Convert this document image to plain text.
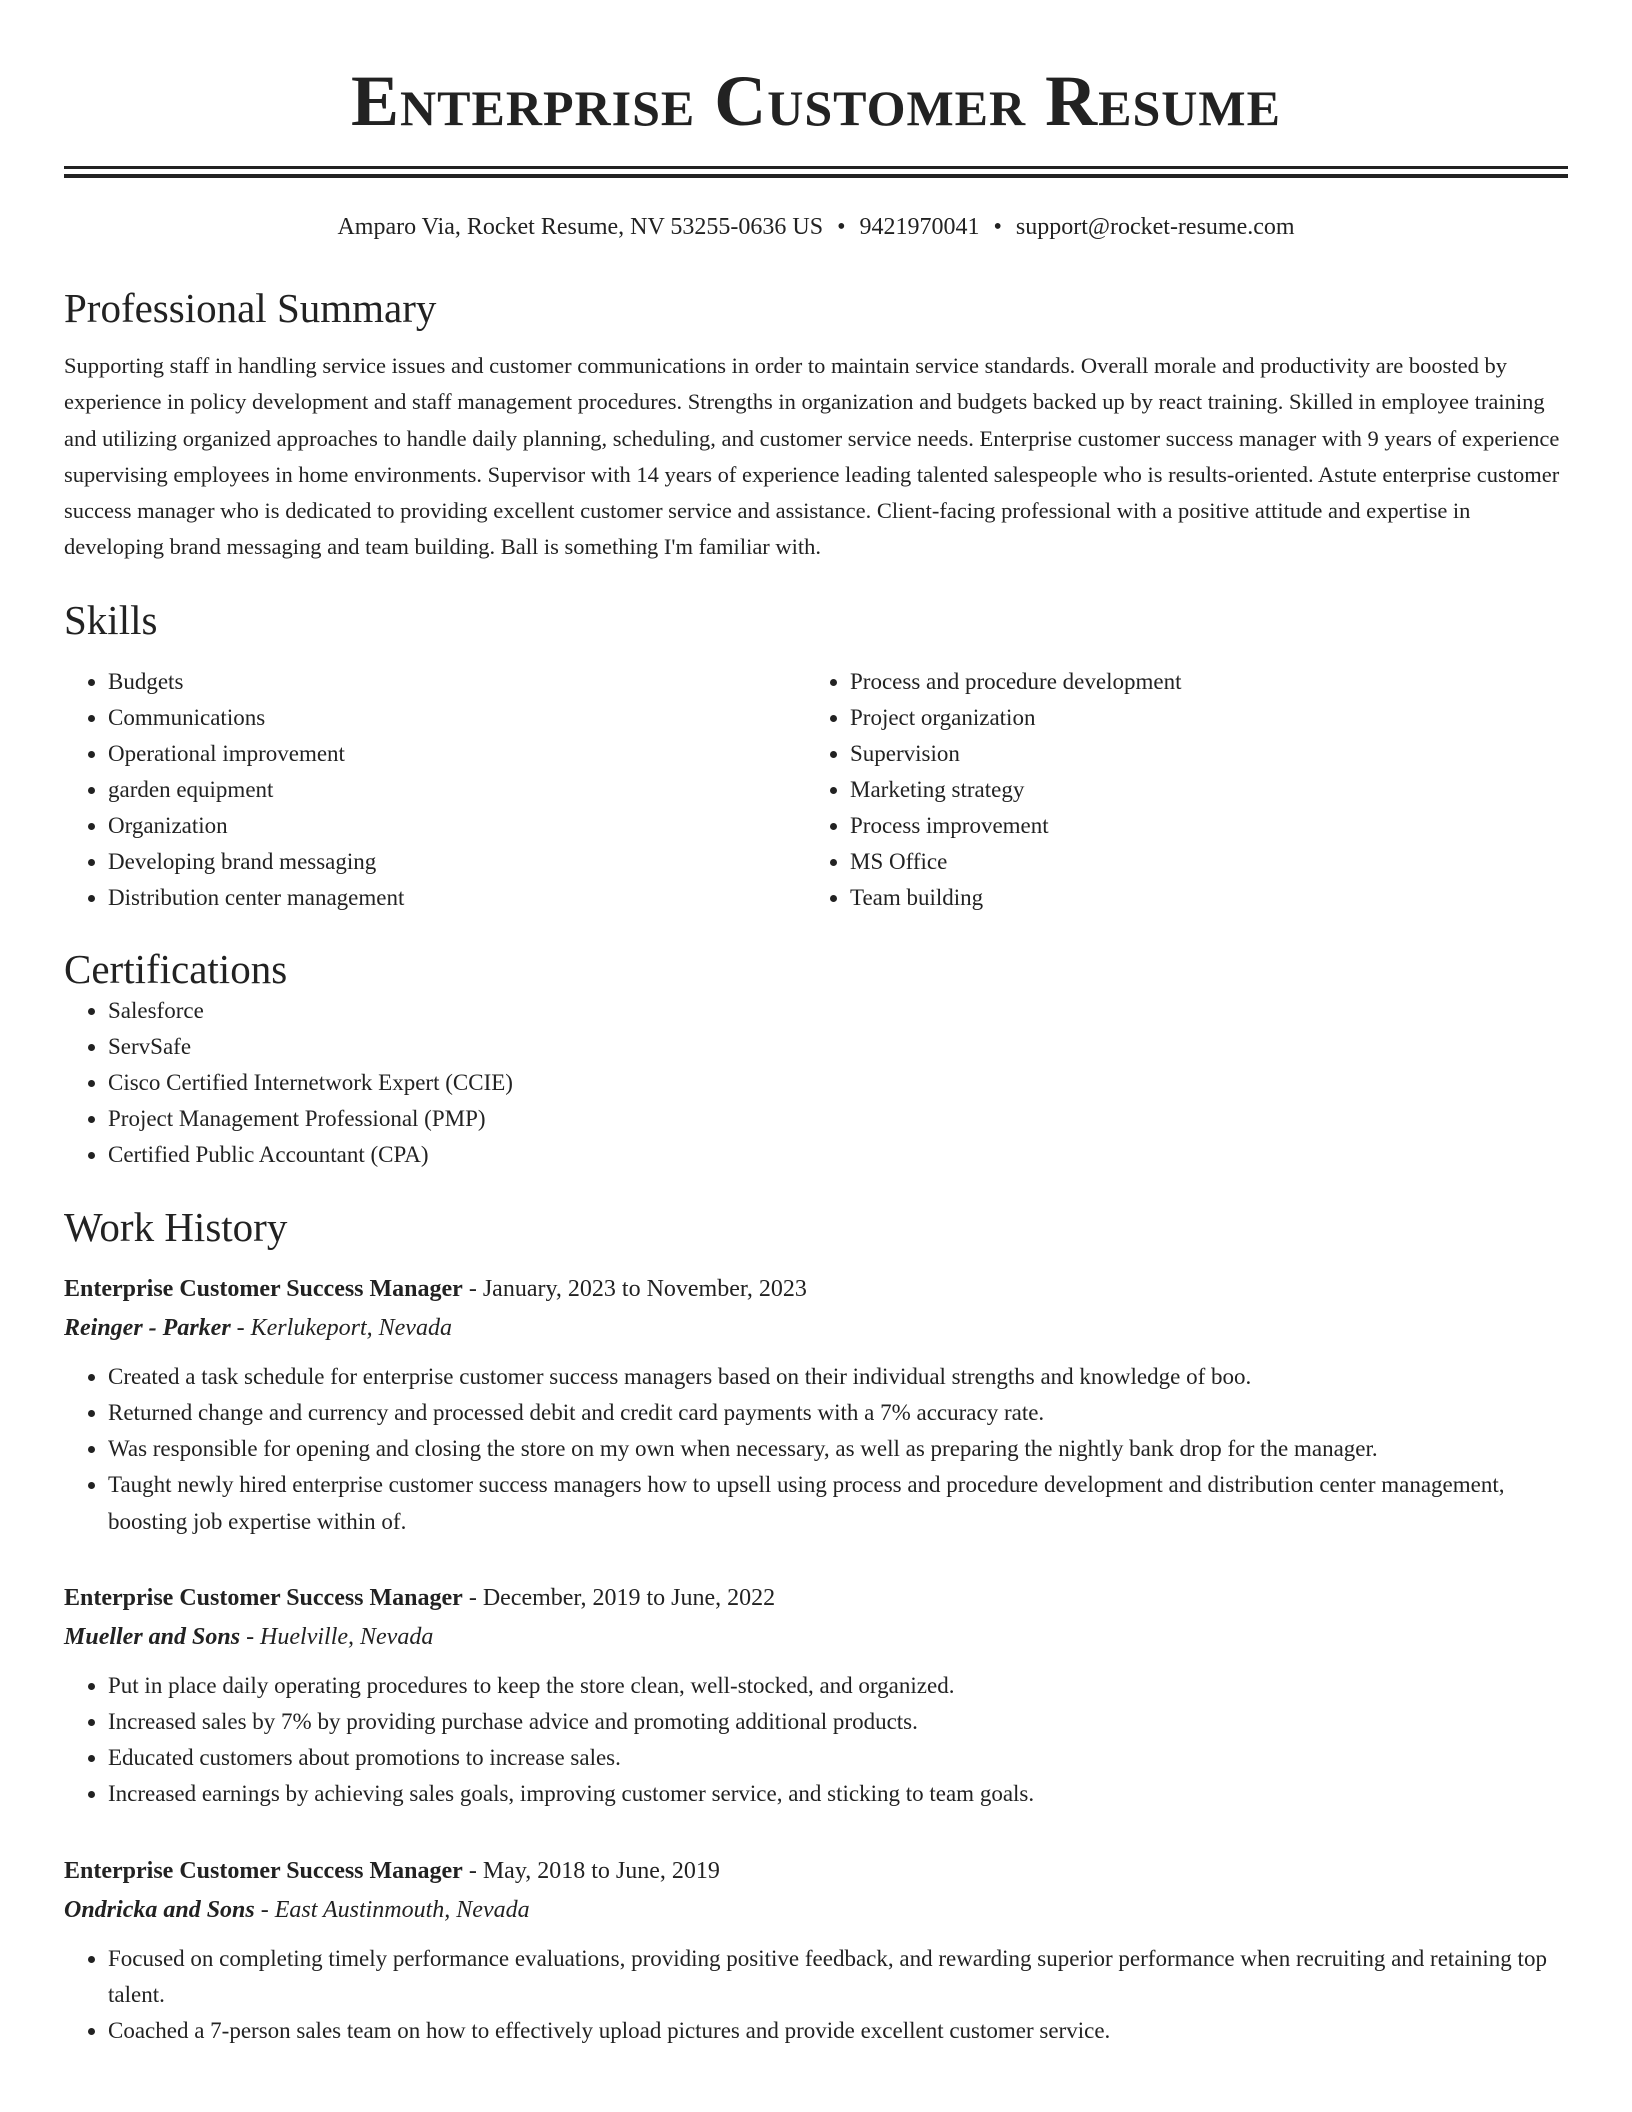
Enterprise Customer Resume
Amparo Via, Rocket Resume, NV 53255-0636 US • 9421970041 • support@rocket-resume.com
Professional Summary

Supporting staff in handling service issues and customer communications in order to maintain service standards. Overall morale and productivity are boosted by experience in policy development and staff management procedures. Strengths in organization and budgets backed up by react training. Skilled in employee training and utilizing organized approaches to handle daily planning, scheduling, and customer service needs. Enterprise customer success manager with 9 years of experience supervising employees in home environments. Supervisor with 14 years of experience leading talented salespeople who is results-oriented. Astute enterprise customer success manager who is dedicated to providing excellent customer service and assistance. Client-facing professional with a positive attitude and expertise in developing brand messaging and team building. Ball is something I'm familiar with.

Skills
• Budgets
• Communications
• Operational improvement
• garden equipment
• Organization
• Developing brand messaging
• Distribution center management
• Process and procedure development
• Project organization
• Supervision
• Marketing strategy
• Process improvement
• MS Office
• Team building
Certifications
• Salesforce
• ServSafe
• Cisco Certified Internetwork Expert (CCIE)
• Project Management Professional (PMP)
• Certified Public Accountant (CPA)
Work History
Enterprise Customer Success Manager - January, 2023 to November, 2023
Reinger - Parker - Kerlukeport, Nevada
• Created a task schedule for enterprise customer success managers based on their individual strengths and knowledge of boo.
• Returned change and currency and processed debit and credit card payments with a 7% accuracy rate.
• Was responsible for opening and closing the store on my own when necessary, as well as preparing the nightly bank drop for the manager.
• Taught newly hired enterprise customer success managers how to upsell using process and procedure development and distribution center management, boosting job expertise within of.
Enterprise Customer Success Manager - December, 2019 to June, 2022
Mueller and Sons - Huelville, Nevada
• Put in place daily operating procedures to keep the store clean, well-stocked, and organized.
• Increased sales by 7% by providing purchase advice and promoting additional products.
• Educated customers about promotions to increase sales.
• Increased earnings by achieving sales goals, improving customer service, and sticking to team goals.
Enterprise Customer Success Manager - May, 2018 to June, 2019
Ondricka and Sons - East Austinmouth, Nevada
• Focused on completing timely performance evaluations, providing positive feedback, and rewarding superior performance when recruiting and retaining top talent.
• Coached a 7-person sales team on how to effectively upload pictures and provide excellent customer service.
